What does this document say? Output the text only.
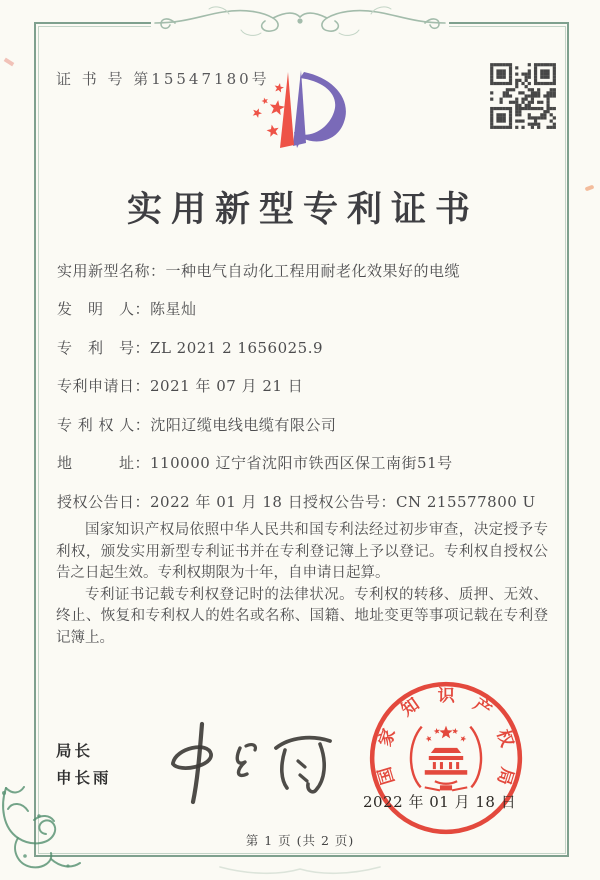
证 书 号 第15547180号
实用新型专利证书
实用新型名称：一种电气自动化工程用耐老化效果好的电缆
发　明　人：陈星灿
专　利　号：ZL 2021 2 1656025.9
专利申请日：2021 年 07 月 21 日
专 利 权 人：沈阳辽缆电线电缆有限公司
地　　　址：110000 辽宁省沈阳市铁西区保工南街51号
授权公告日：2022 年 01 月 18 日 授权公告号：CN 215577800 U

国家知识产权局依照中华人民共和国专利法经过初步审查，决定授予专利权，颁发实用新型专利证书并在专利登记簿上予以登记。专利权自授权公告之日起生效。专利权期限为十年，自申请日起算。

专利证书记载专利权登记时的法律状况。专利权的转移、质押、无效、终止、恢复和专利权人的姓名或名称、国籍、地址变更等事项记载在专利登记簿上。

局长
申长雨	国家知识产权局
2022 年 01 月 18 日
第 1 页 (共 2 页)
